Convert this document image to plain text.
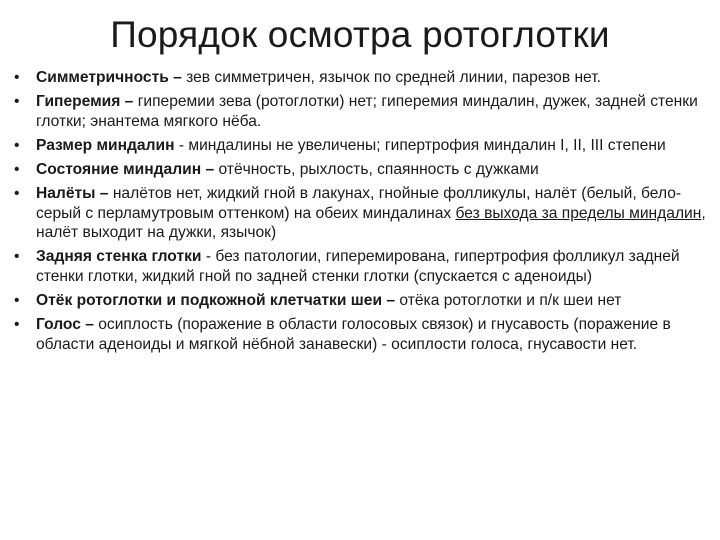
Порядок осмотра ротоглотки
•	Симметричность – зев симметричен, язычок по средней линии, парезов нет.
•	Гиперемия – гиперемии зева (ротоглотки) нет; гиперемия миндалин, дужек, задней стенки глотки; энантема мягкого нёба.
•	Размер миндалин - миндалины не увеличены; гипертрофия миндалин I, II, III степени
•	Состояние миндалин – отёчность, рыхлость, спаянность с дужками
•	Налёты – налётов нет, жидкий гной в лакунах, гнойные фолликулы, налёт (белый, бело-серый с перламутровым оттенком) на обеих миндалинах без выхода за пределы миндалин, налёт выходит на дужки, язычок)
•	Задняя стенка глотки - без патологии, гиперемирована, гипертрофия фолликул задней стенки глотки, жидкий гной по задней стенки глотки (спускается с аденоиды)
•	Отёк ротоглотки и подкожной клетчатки шеи – отёка ротоглотки и п/к шеи нет
•	Голос – осиплость (поражение в области голосовых связок) и гнусавость (поражение в области аденоиды и мягкой нёбной занавески) - осиплости голоса, гнусавости нет.
